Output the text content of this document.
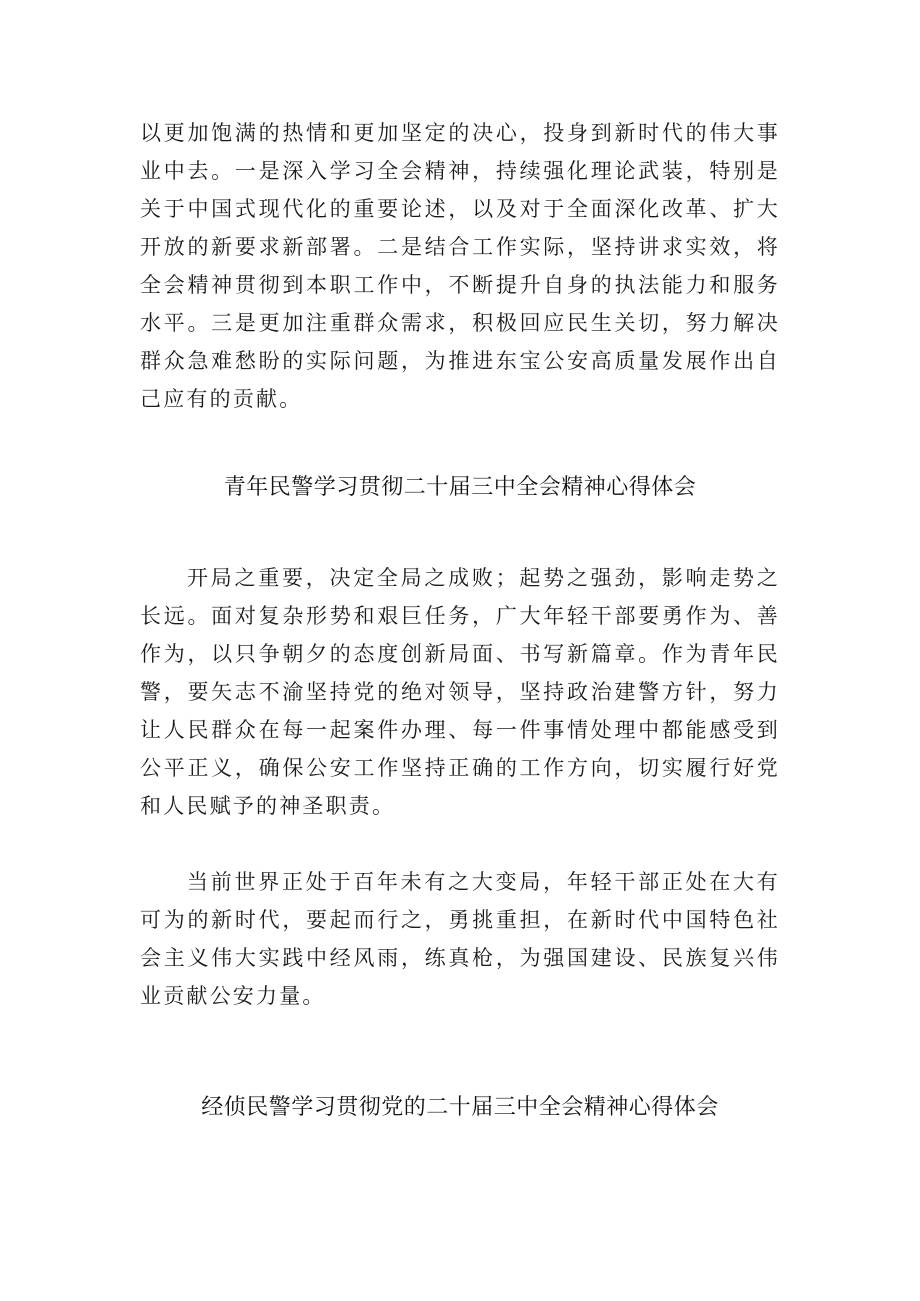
以更加饱满的热情和更加坚定的决心，投身到新时代的伟大事业中去。一是深入学习全会精神，持续强化理论武装，特别是关于中国式现代化的重要论述，以及对于全面深化改革、扩大开放的新要求新部署。二是结合工作实际，坚持讲求实效，将全会精神贯彻到本职工作中，不断提升自身的执法能力和服务水平。三是更加注重群众需求，积极回应民生关切，努力解决群众急难愁盼的实际问题，为推进东宝公安高质量发展作出自己应有的贡献。

青年民警学习贯彻二十届三中全会精神心得体会

开局之重要，决定全局之成败；起势之强劲，影响走势之长远。面对复杂形势和艰巨任务，广大年轻干部要勇作为、善作为，以只争朝夕的态度创新局面、书写新篇章。作为青年民警，要矢志不渝坚持党的绝对领导，坚持政治建警方针，努力让人民群众在每一起案件办理、每一件事情处理中都能感受到公平正义，确保公安工作坚持正确的工作方向，切实履行好党和人民赋予的神圣职责。

当前世界正处于百年未有之大变局，年轻干部正处在大有可为的新时代，要起而行之，勇挑重担，在新时代中国特色社会主义伟大实践中经风雨，练真枪，为强国建设、民族复兴伟业贡献公安力量。

经侦民警学习贯彻党的二十届三中全会精神心得体会
